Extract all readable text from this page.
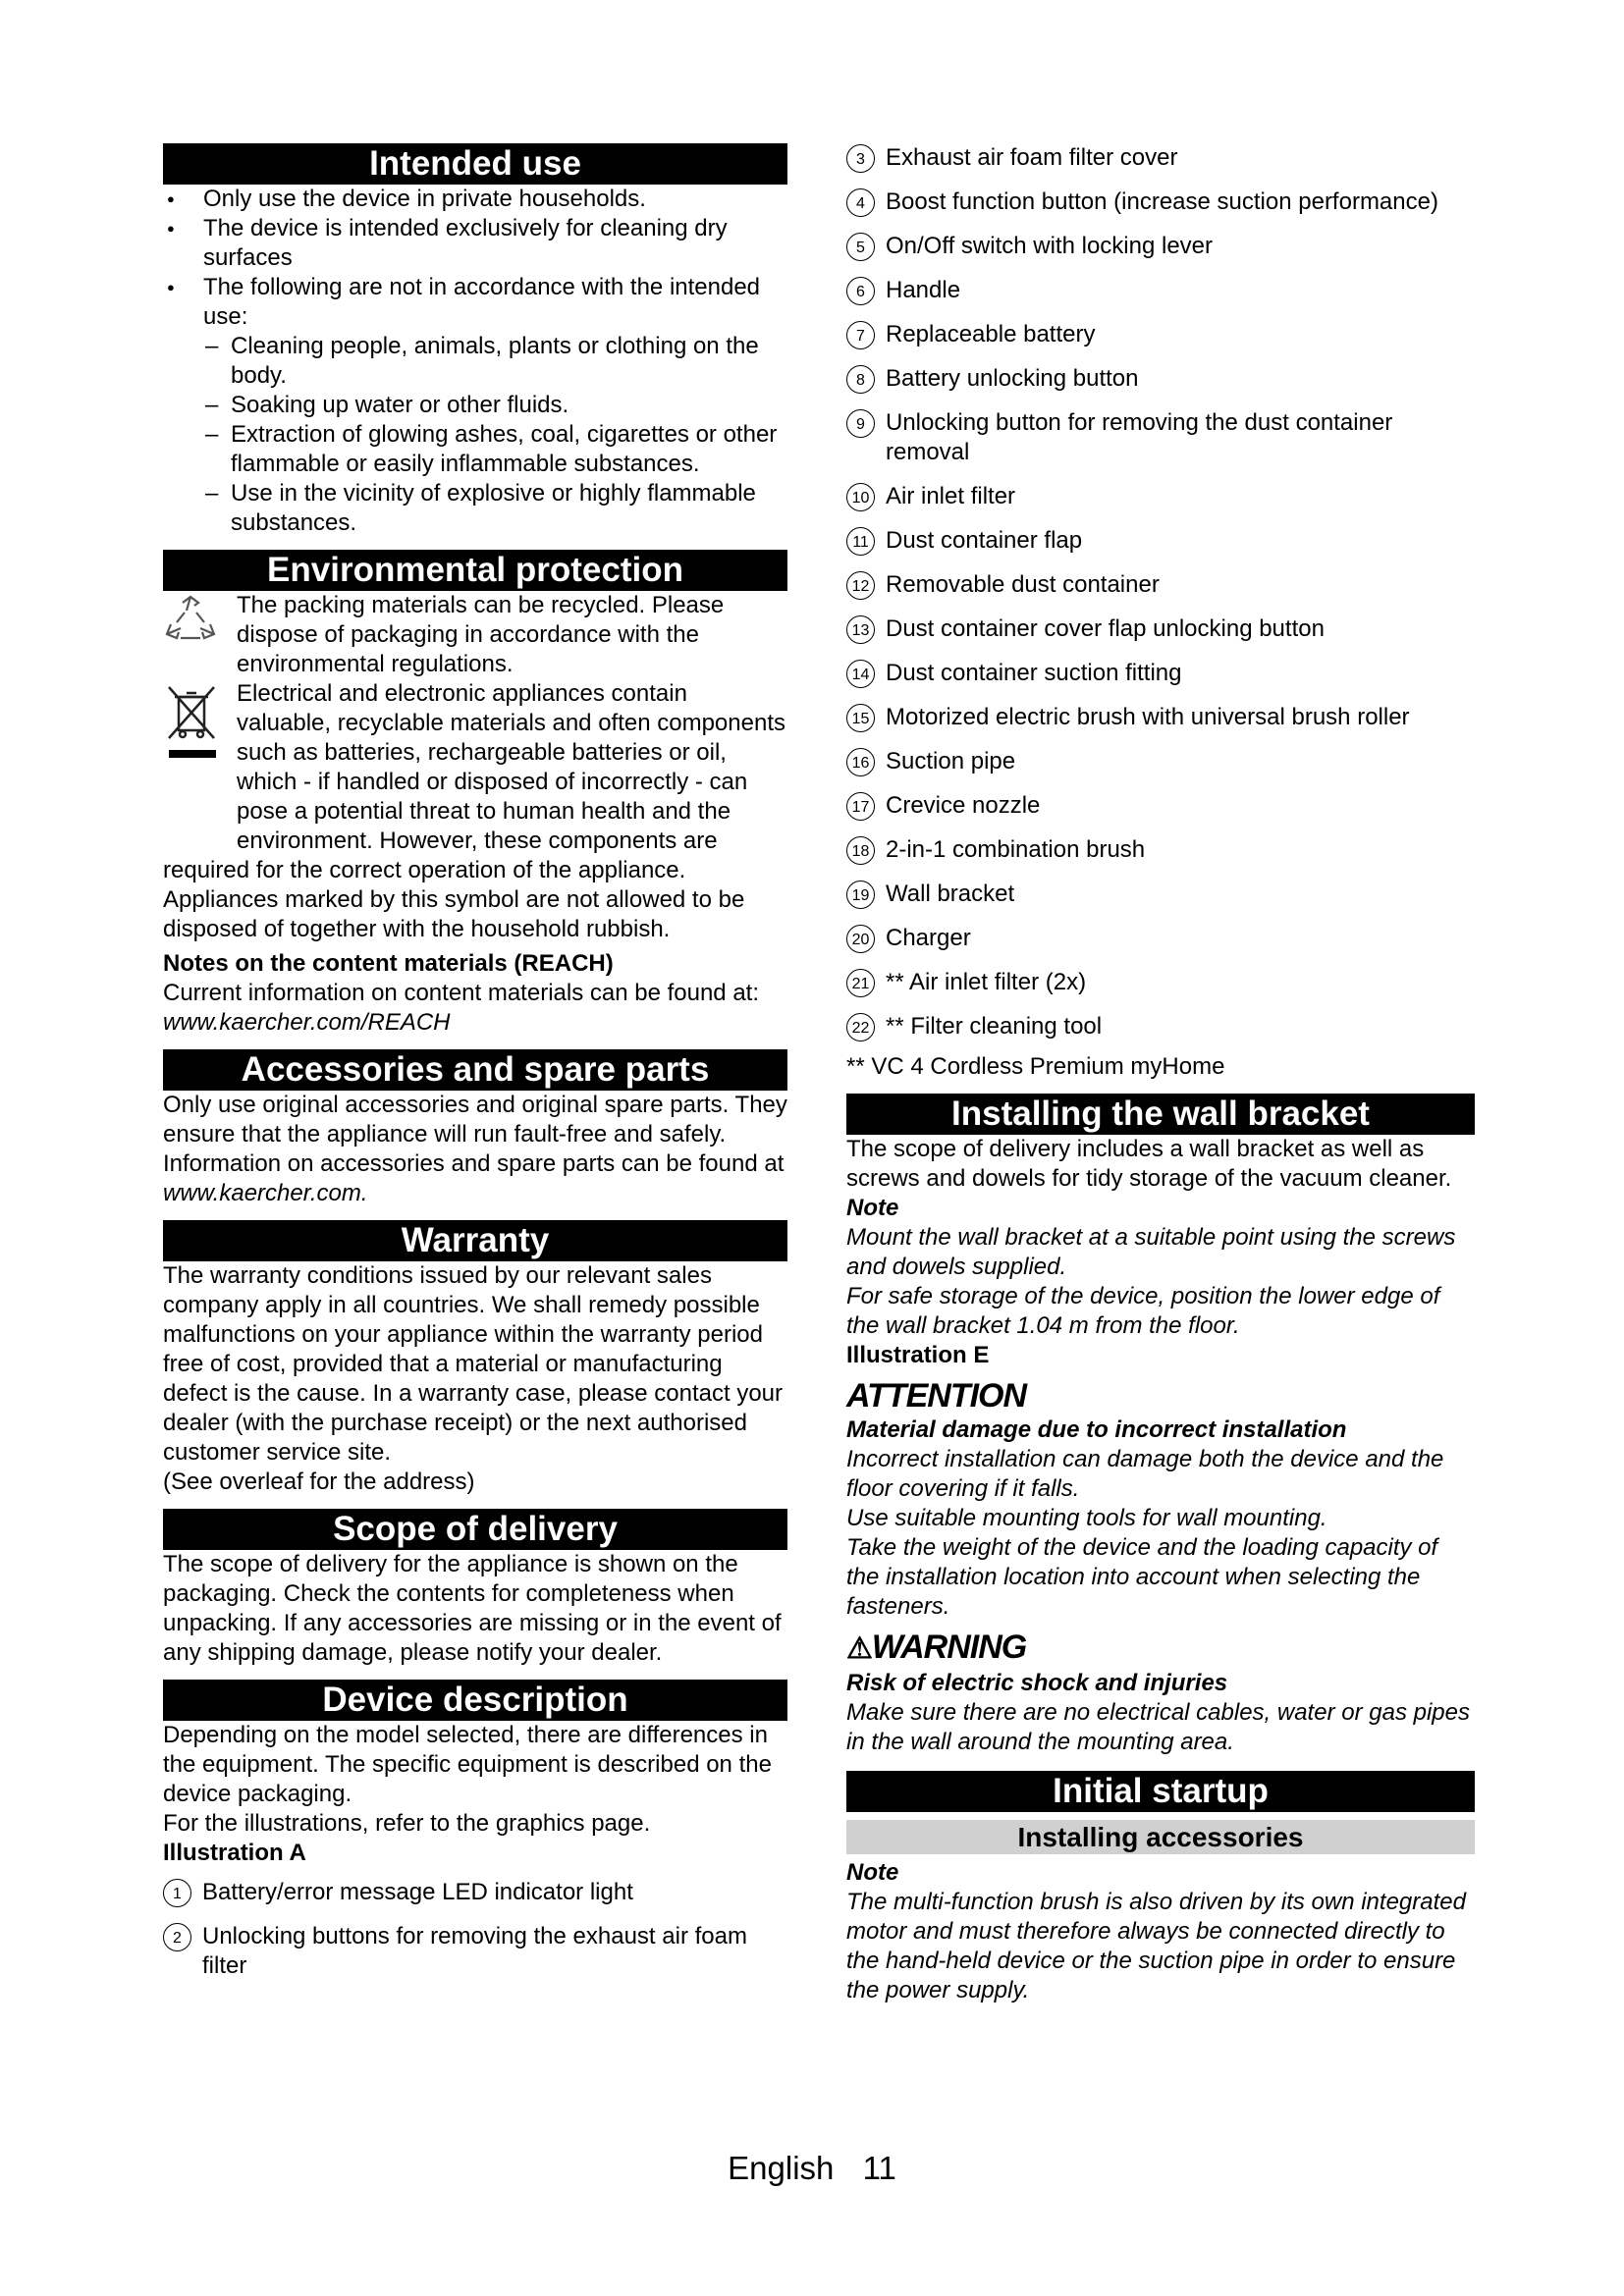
Intended use
● Only use the device in private households.
● The device is intended exclusively for cleaning dry surfaces
● The following are not in accordance with the intended use:
– Cleaning people, animals, plants or clothing on the body.
– Soaking up water or other fluids.
– Extraction of glowing ashes, coal, cigarettes or other flammable or easily inflammable substances.
– Use in the vicinity of explosive or highly flammable substances.
Environmental protection

The packing materials can be recycled. Please dispose of packaging in accordance with the environmental regulations.

Electrical and electronic appliances contain valuable, recyclable materials and often components such as batteries, rechargeable batteries or oil, which - if handled or disposed of incorrectly - can pose a potential threat to human health and the environment. However, these components are required for the correct operation of the appliance. Appliances marked by this symbol are not allowed to be disposed of together with the household rubbish.

Notes on the content materials (REACH)

Current information on content materials can be found at: www.kaercher.com/REACH

Accessories and spare parts

Only use original accessories and original spare parts. They ensure that the appliance will run fault-free and safely.

Information on accessories and spare parts can be found at www.kaercher.com.

Warranty

The warranty conditions issued by our relevant sales company apply in all countries. We shall remedy possible malfunctions on your appliance within the warranty period free of cost, provided that a material or manufacturing defect is the cause. In a warranty case, please contact your dealer (with the purchase receipt) or the next authorised customer service site.

(See overleaf for the address)

Scope of delivery

The scope of delivery for the appliance is shown on the packaging. Check the contents for completeness when unpacking. If any accessories are missing or in the event of any shipping damage, please notify your dealer.

Device description

Depending on the model selected, there are differences in the equipment. The specific equipment is described on the device packaging.

For the illustrations, refer to the graphics page.

Illustration A

1 Battery/error message LED indicator light
2 Unlocking buttons for removing the exhaust air foam filter
3 Exhaust air foam filter cover
4 Boost function button (increase suction performance)
5 On/Off switch with locking lever
6 Handle
7 Replaceable battery
8 Battery unlocking button
9 Unlocking button for removing the dust container removal
10 Air inlet filter
11 Dust container flap
12 Removable dust container
13 Dust container cover flap unlocking button
14 Dust container suction fitting
15 Motorized electric brush with universal brush roller
16 Suction pipe
17 Crevice nozzle
18 2-in-1 combination brush
19 Wall bracket
20 Charger
21 ** Air inlet filter (2x)
22 ** Filter cleaning tool

** VC 4 Cordless Premium myHome

Installing the wall bracket

The scope of delivery includes a wall bracket as well as screws and dowels for tidy storage of the vacuum cleaner.

Note

Mount the wall bracket at a suitable point using the screws and dowels supplied.

For safe storage of the device, position the lower edge of the wall bracket 1.04 m from the floor.

Illustration E

ATTENTION

Material damage due to incorrect installation

Incorrect installation can damage both the device and the floor covering if it falls.

Use suitable mounting tools for wall mounting.

Take the weight of the device and the loading capacity of the installation location into account when selecting the fasteners.

⚠WARNING

Risk of electric shock and injuries

Make sure there are no electrical cables, water or gas pipes in the wall around the mounting area.

Initial startup
Installing accessories

Note

The multi-function brush is also driven by its own integrated motor and must therefore always be connected directly to the hand-held device or the suction pipe in order to ensure the power supply.

English 11
